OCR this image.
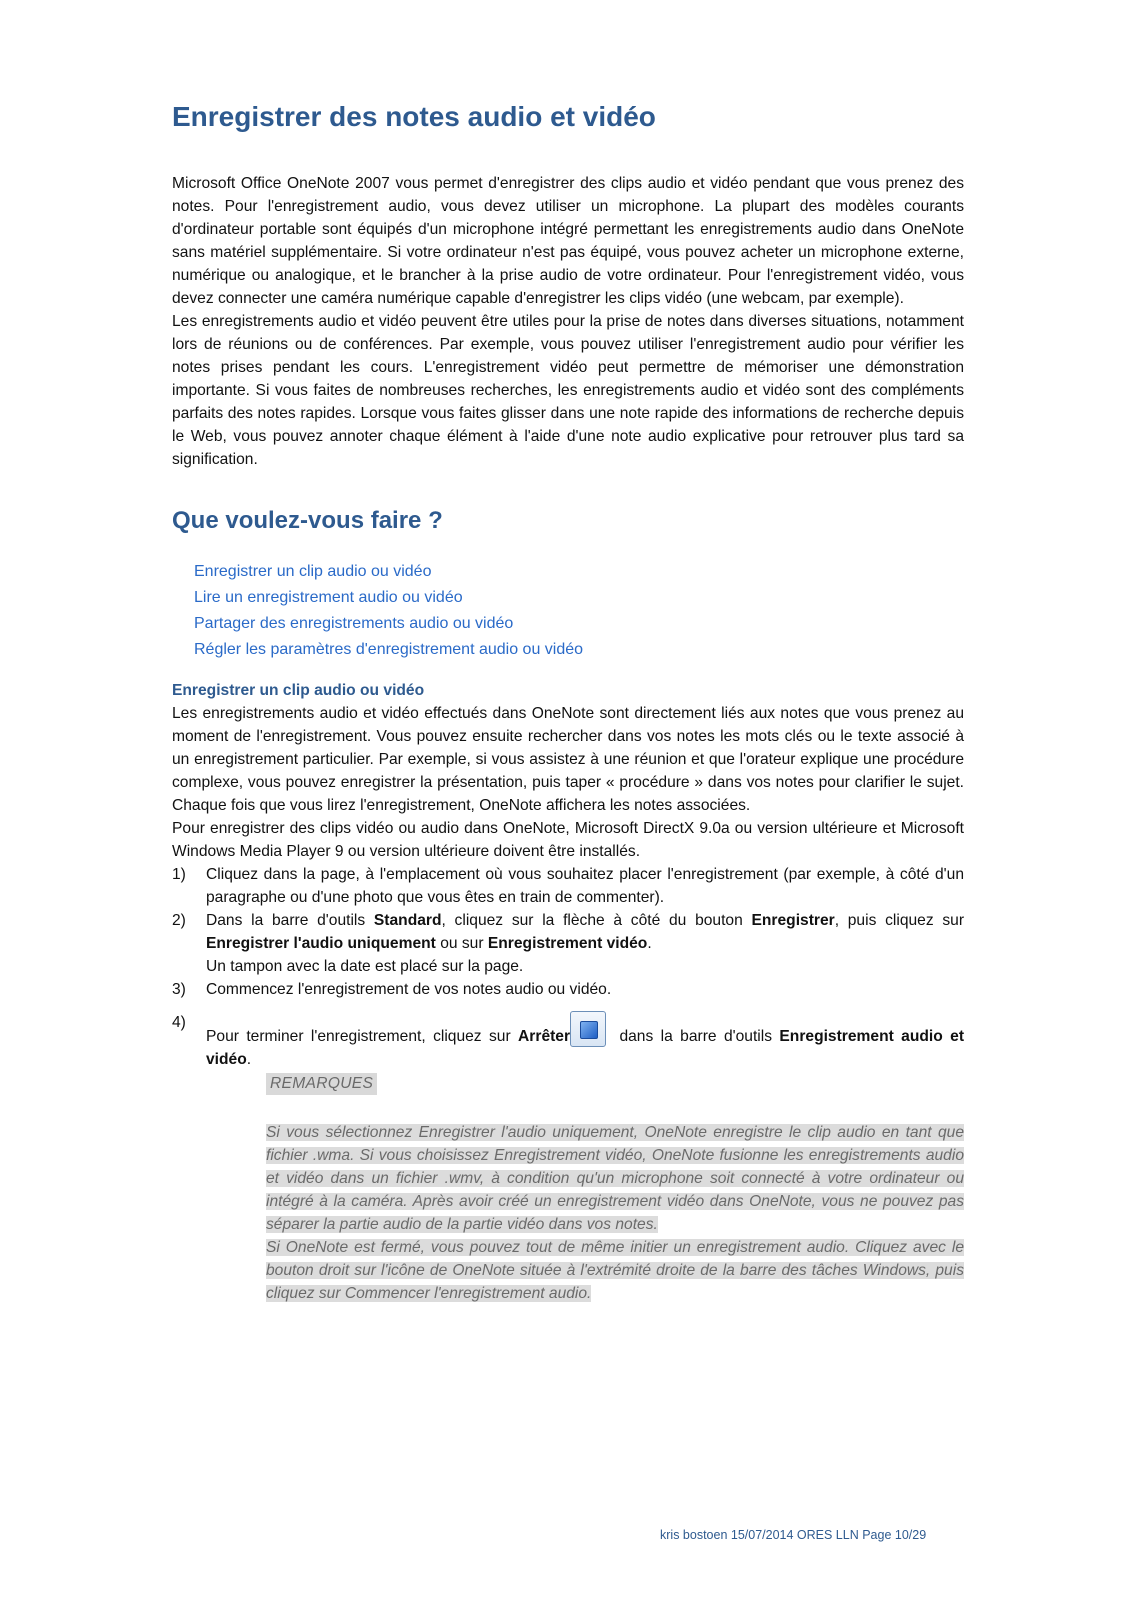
Enregistrer des notes audio et vidéo

Microsoft Office OneNote 2007 vous permet d'enregistrer des clips audio et vidéo pendant que vous prenez des notes. Pour l'enregistrement audio, vous devez utiliser un microphone. La plupart des modèles courants d'ordinateur portable sont équipés d'un microphone intégré permettant les enregistrements audio dans OneNote sans matériel supplémentaire. Si votre ordinateur n'est pas équipé, vous pouvez acheter un microphone externe, numérique ou analogique, et le brancher à la prise audio de votre ordinateur. Pour l'enregistrement vidéo, vous devez connecter une caméra numérique capable d'enregistrer les clips vidéo (une webcam, par exemple).

Les enregistrements audio et vidéo peuvent être utiles pour la prise de notes dans diverses situations, notamment lors de réunions ou de conférences. Par exemple, vous pouvez utiliser l'enregistrement audio pour vérifier les notes prises pendant les cours. L'enregistrement vidéo peut permettre de mémoriser une démonstration importante. Si vous faites de nombreuses recherches, les enregistrements audio et vidéo sont des compléments parfaits des notes rapides. Lorsque vous faites glisser dans une note rapide des informations de recherche depuis le Web, vous pouvez annoter chaque élément à l'aide d'une note audio explicative pour retrouver plus tard sa signification.

Que voulez-vous faire ?
Enregistrer un clip audio ou vidéo
Lire un enregistrement audio ou vidéo
Partager des enregistrements audio ou vidéo
Régler les paramètres d'enregistrement audio ou vidéo
Enregistrer un clip audio ou vidéo

Les enregistrements audio et vidéo effectués dans OneNote sont directement liés aux notes que vous prenez au moment de l'enregistrement. Vous pouvez ensuite rechercher dans vos notes les mots clés ou le texte associé à un enregistrement particulier. Par exemple, si vous assistez à une réunion et que l'orateur explique une procédure complexe, vous pouvez enregistrer la présentation, puis taper « procédure » dans vos notes pour clarifier le sujet. Chaque fois que vous lirez l'enregistrement, OneNote affichera les notes associées.

Pour enregistrer des clips vidéo ou audio dans OneNote, Microsoft DirectX 9.0a ou version ultérieure et Microsoft Windows Media Player 9 ou version ultérieure doivent être installés.

1) Cliquez dans la page, à l'emplacement où vous souhaitez placer l'enregistrement (par exemple, à côté d'un paragraphe ou d'une photo que vous êtes en train de commenter).
2) Dans la barre d'outils Standard, cliquez sur la flèche à côté du bouton Enregistrer, puis cliquez sur Enregistrer l'audio uniquement ou sur Enregistrement vidéo.
Un tampon avec la date est placé sur la page.
3) Commencez l'enregistrement de vos notes audio ou vidéo.
4)
Pour terminer l'enregistrement, cliquez sur Arrêter	dans la barre d'outils Enregistrement audio et vidéo.
REMARQUES

Si vous sélectionnez Enregistrer l'audio uniquement, OneNote enregistre le clip audio en tant que fichier .wma. Si vous choisissez Enregistrement vidéo, OneNote fusionne les enregistrements audio et vidéo dans un fichier .wmv, à condition qu'un microphone soit connecté à votre ordinateur ou intégré à la caméra. Après avoir créé un enregistrement vidéo dans OneNote, vous ne pouvez pas séparer la partie audio de la partie vidéo dans vos notes.

Si OneNote est fermé, vous pouvez tout de même initier un enregistrement audio. Cliquez avec le bouton droit sur l'icône de OneNote située à l'extrémité droite de la barre des tâches Windows, puis cliquez sur Commencer l'enregistrement audio.

kris bostoen 15/07/2014 ORES LLN Page 10/29
